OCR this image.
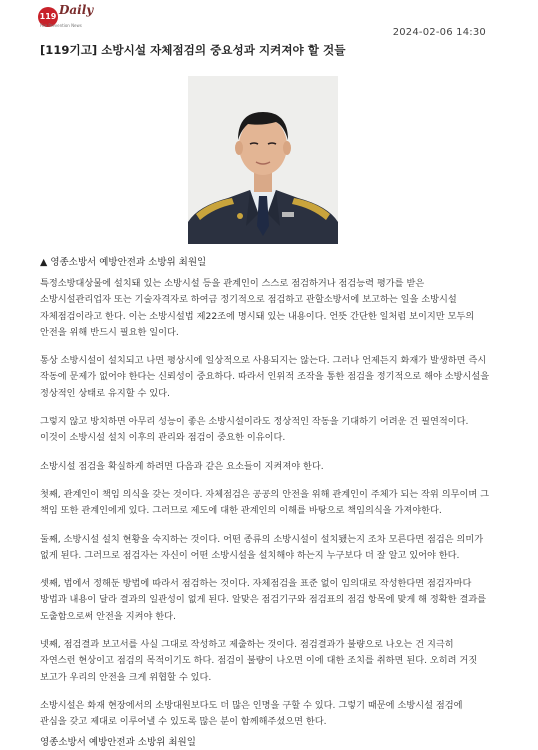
119 Daily
Fire Prevention News
2024-02-06 14:30
[119기고] 소방시설 자체점검의 중요성과 지켜져야 할 것들
▲ 영종소방서 예방안전과 소방위 최원일

특정소방대상물에 설치돼 있는 소방시설 등을 관계인이 스스로 점검하거나 점검능력 평가를 받은 소방시설관리업자 또는 기술자격자로 하여금 정기적으로 점검하고 관할소방서에 보고하는 일을 소방시설 자체점검이라고 한다. 이는 소방시설법 제22조에 명시돼 있는 내용이다. 언뜻 간단한 일처럼 보이지만 모두의 안전을 위해 반드시 필요한 일이다.

통상 소방시설이 설치되고 나면 평상시에 일상적으로 사용되지는 않는다. 그러나 언제든지 화재가 발생하면 즉시 작동에 문제가 없어야 한다는 신뢰성이 중요하다. 따라서 인위적 조작을 통한 점검을 정기적으로 해야 소방시설을 정상적인 상태로 유지할 수 있다.

그렇지 않고 방치하면 아무리 성능이 좋은 소방시설이라도 정상적인 작동을 기대하기 어려운 건 필연적이다. 이것이 소방시설 설치 이후의 관리와 점검이 중요한 이유이다.

소방시설 점검을 확실하게 하려면 다음과 같은 요소들이 지켜져야 한다.

첫째, 관계인이 책임 의식을 갖는 것이다. 자체점검은 공공의 안전을 위해 관계인이 주체가 되는 작위 의무이며 그 책임 또한 관계인에게 있다. 그러므로 제도에 대한 관계인의 이해를 바탕으로 책임의식을 가져야한다.

둘째, 소방시설 설치 현황을 숙지하는 것이다. 어떤 종류의 소방시설이 설치됐는지 조차 모른다면 점검은 의미가 없게 된다. 그러므로 점검자는 자신이 어떤 소방시설을 설치해야 하는지 누구보다 더 잘 알고 있어야 한다.

셋째, 법에서 정해둔 방법에 따라서 점검하는 것이다. 자체점검을 표준 없이 임의대로 작성한다면 점검자마다 방법과 내용이 달라 결과의 일관성이 없게 된다. 알맞은 점검기구와 점검표의 점검 항목에 맞게 해 정확한 결과를 도출함으로써 안전을 지켜야 한다.

넷째, 점검결과 보고서를 사실 그대로 작성하고 제출하는 것이다. 점검결과가 불량으로 나오는 건 지극히 자연스런 현상이고 점검의 목적이기도 하다. 점검이 불량이 나오면 이에 대한 조치를 취하면 된다. 오히려 거짓 보고가 우리의 안전을 크게 위협할 수 있다.

소방시설은 화재 현장에서의 소방대원보다도 더 많은 인명을 구할 수 있다. 그렇기 때문에 소방시설 점검에 관심을 갖고 제대로 이루어낼 수 있도록 많은 분이 함께해주셨으면 한다.

영종소방서 예방안전과 소방위 최원일
